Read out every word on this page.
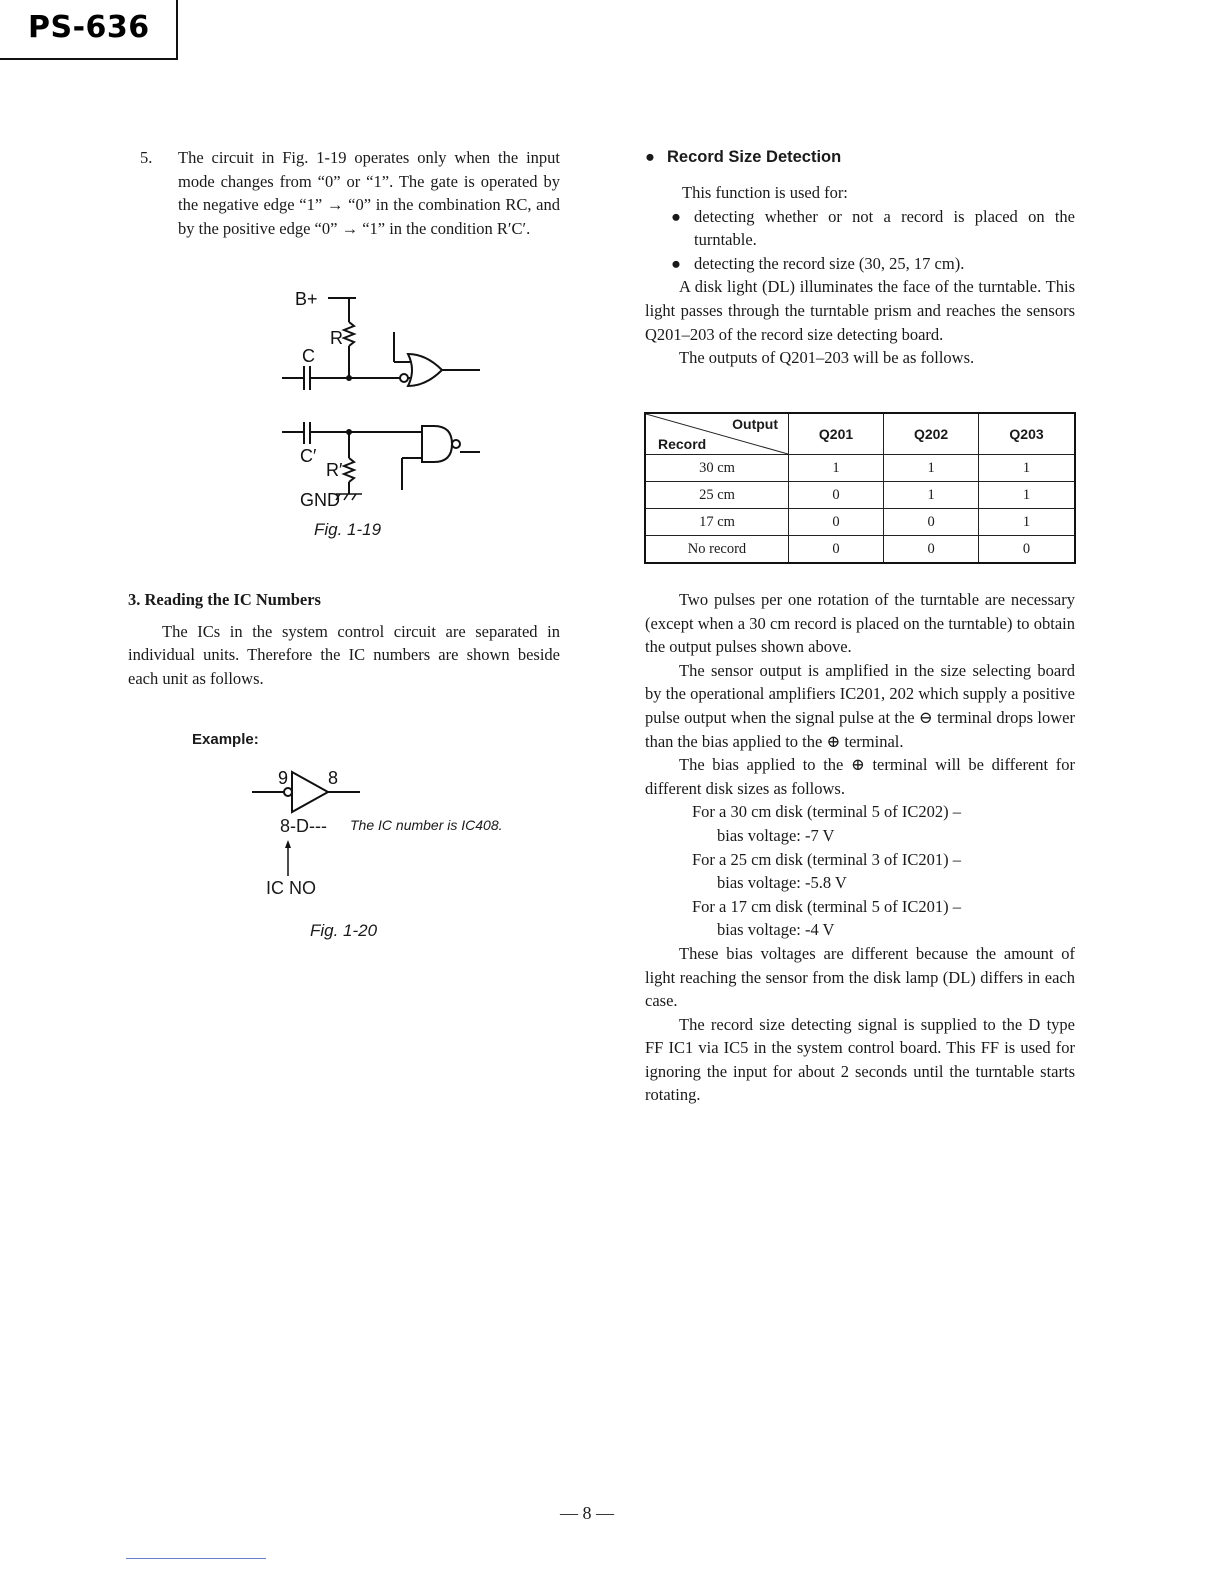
PS-636
5. The circuit in Fig. 1-19 operates only when the input mode changes from “0” or “1”. The gate is operated by the negative edge “1” → “0” in the combination RC, and by the positive edge “0” → “1” in the condition R′C′.

B+
R
C
C′
R′
GND
Fig. 1-19

3. Reading the IC Numbers

The ICs in the system control circuit are separated in individual units. Therefore the IC numbers are shown beside each unit as follows.

Example:
9 8
8-D--- The IC number is IC408.
IC NO
Fig. 1-20
● Record Size Detection

This function is used for:

● detecting whether or not a record is placed on the turntable.
● detecting the record size (30, 25, 17 cm).

A disk light (DL) illuminates the face of the turntable. This light passes through the turntable prism and reaches the sensors Q201–203 of the record size detecting board.

The outputs of Q201–203 will be as follows.

Output
Record	Q201	Q202	Q203
30 cm	1	1	1
25 cm	0	1	1
17 cm	0	0	1
No record	0	0	0

Two pulses per one rotation of the turntable are necessary (except when a 30 cm record is placed on the turntable) to obtain the output pulses shown above.

The sensor output is amplified in the size selecting board by the operational amplifiers IC201, 202 which supply a positive pulse output when the signal pulse at the ⊖ terminal drops lower than the bias applied to the ⊕ terminal.

The bias applied to the ⊕ terminal will be different for different disk sizes as follows.

For a 30 cm disk (terminal 5 of IC202) –

bias voltage: -7 V

For a 25 cm disk (terminal 3 of IC201) –

bias voltage: -5.8 V

For a 17 cm disk (terminal 5 of IC201) –

bias voltage: -4 V

These bias voltages are different because the amount of light reaching the sensor from the disk lamp (DL) differs in each case.

The record size detecting signal is supplied to the D type FF IC1 via IC5 in the system control board. This FF is used for ignoring the input for about 2 seconds until the turntable starts rotating.

— 8 —
